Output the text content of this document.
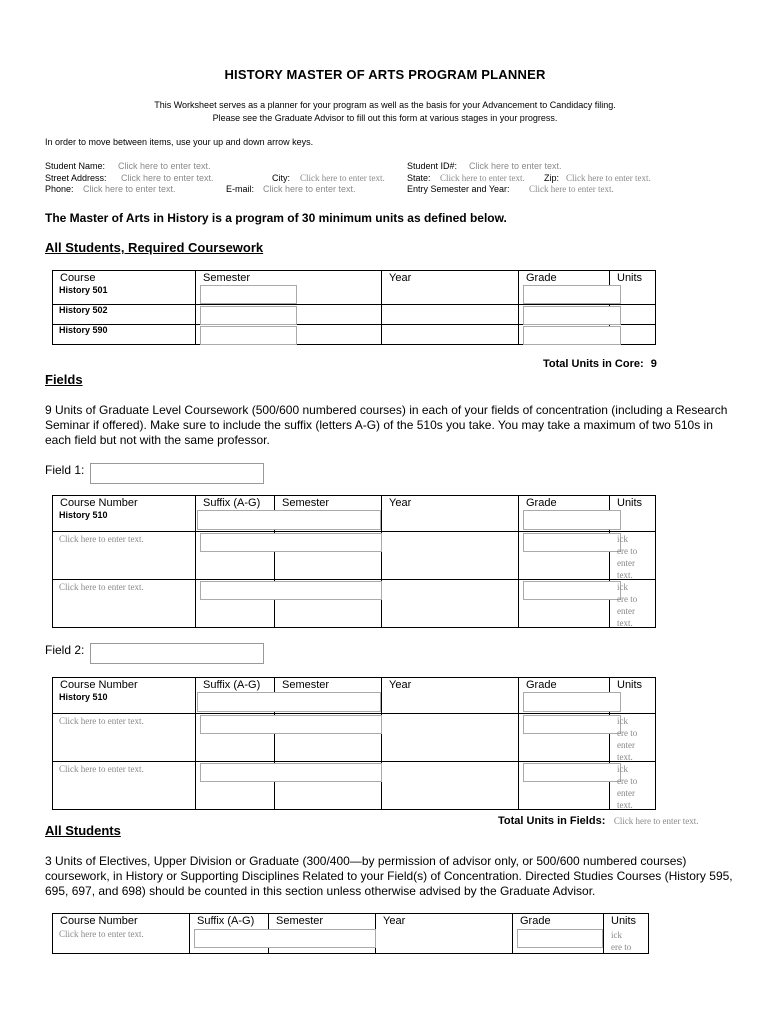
HISTORY MASTER OF ARTS PROGRAM PLANNER
This Worksheet serves as a planner for your program as well as the basis for your Advancement to Candidacy filing.
Please see the Graduate Advisor to fill out this form at various stages in your progress.
In order to move between items, use your up and down arrow keys.
Student Name: Click here to enter text.	Student ID#: Click here to enter text.
Street Address: Click here to enter text.	City: Click here to enter text. State: Click here to enter text. Zip: Click here to enter text.
Phone: Click here to enter text.	E-mail: Click here to enter text.	Entry Semester and Year: Click here to enter text.
The Master of Arts in History is a program of 30 minimum units as defined below.
All Students, Required Coursework
Course	Semester	Year	Grade	Units
History 501	

History 502	

History 590	

Total Units in Core: 9
Fields
9 Units of Graduate Level Coursework (500/600 numbered courses) in each of your fields of concentration (including a Research Seminar if offered). Make sure to include the suffix (letters A-G) of the 510s you take. You may take a maximum of two 510s in each field but not with the same professor.
Field 1:
Course Number	Suffix (A-G)	Semester	Year	Grade	Units
History 510		

Click here to enter text.					ick
ere to
enter
text.

Click here to enter text.					ick
ere to
enter
text.
Field 2:
Course Number	Suffix (A-G)	Semester	Year	Grade	Units
History 510		

Click here to enter text.					ick
ere to
enter
text.

Click here to enter text.					ick
ere to
enter
text.
Total Units in Fields: Click here to enter text.
All Students
3 Units of Electives, Upper Division or Graduate (300/400—by permission of advisor only, or 500/600 numbered courses) coursework, in History or Supporting Disciplines Related to your Field(s) of Concentration. Directed Studies Courses (History 595, 695, 697, and 698) should be counted in this section unless otherwise advised by the Graduate Advisor.
Course Number	Suffix (A-G)	Semester	Year	Grade	Units

Click here to enter text.					ick
ere to
